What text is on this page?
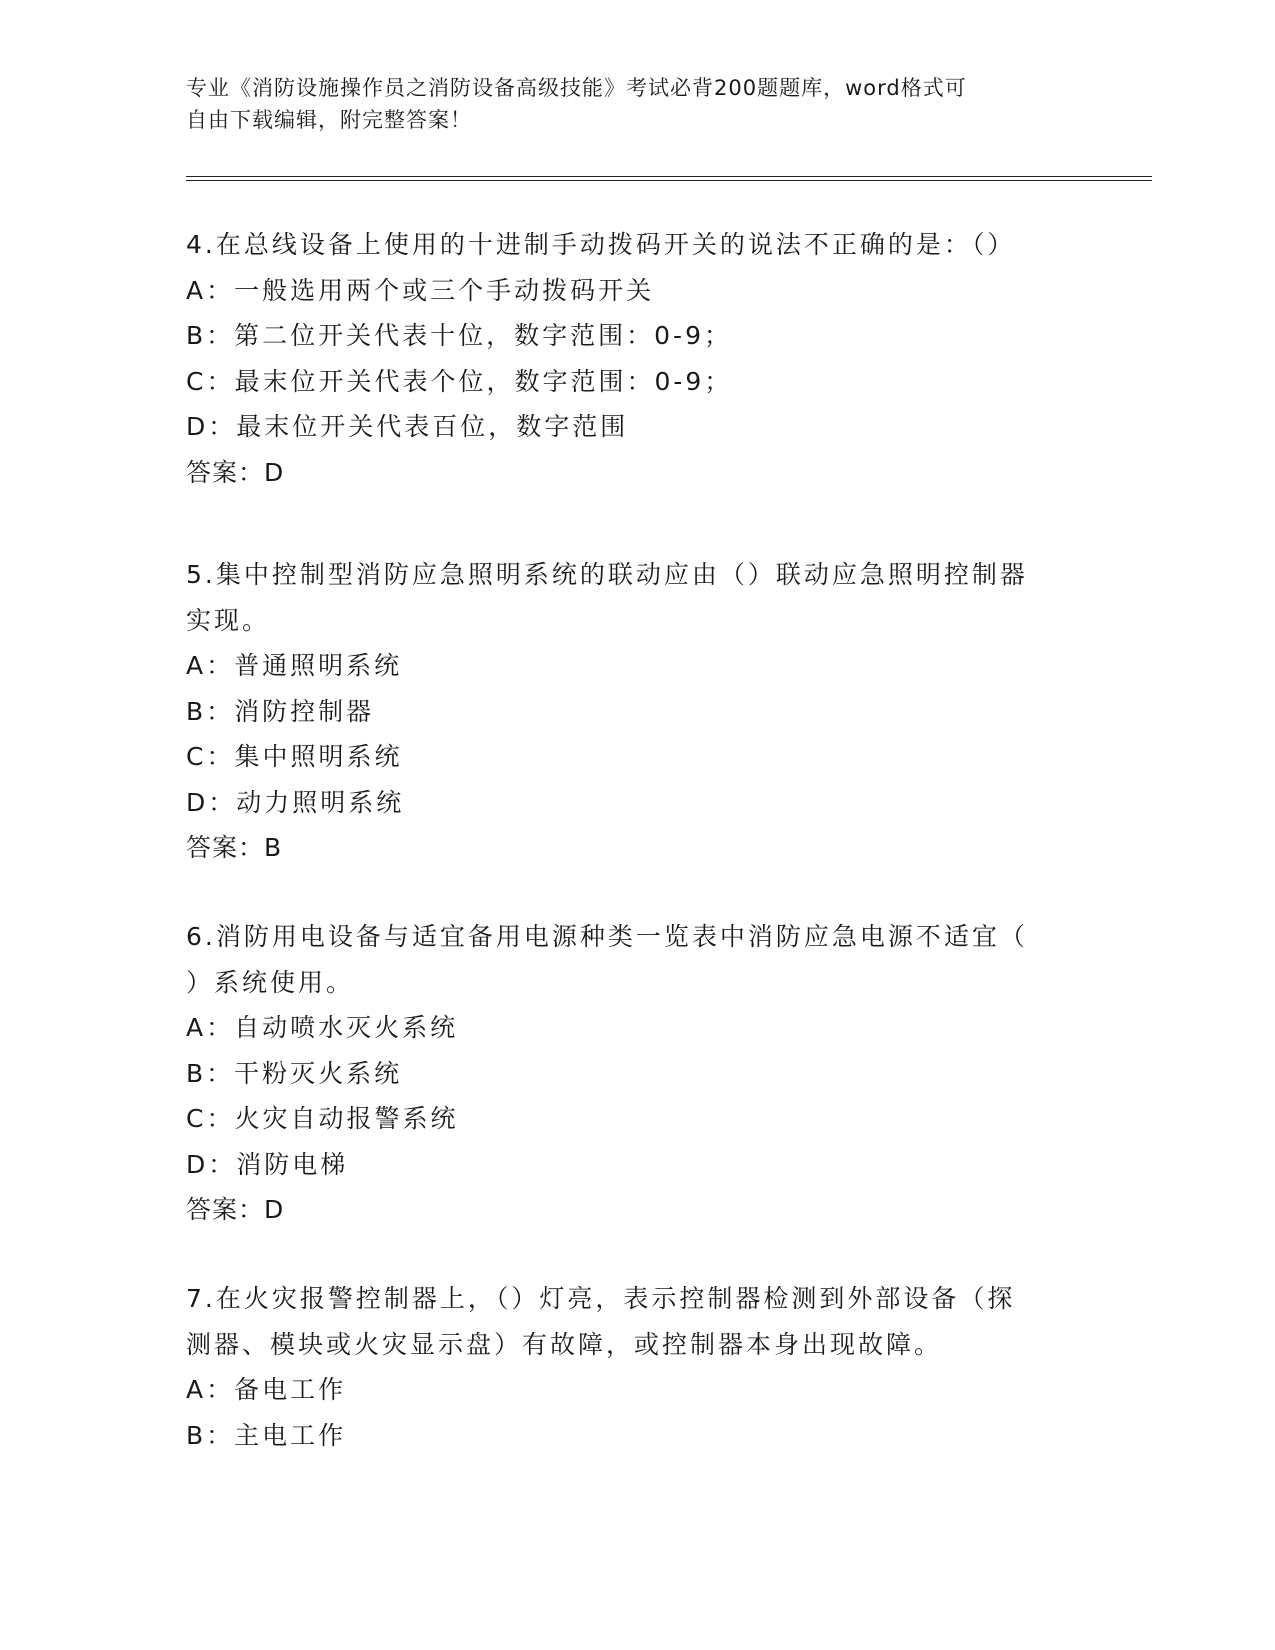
专业《消防设施操作员之消防设备高级技能》考试必背200题题库，word格式可
自由下载编辑，附完整答案！

4.在总线设备上使用的十进制手动拨码开关的说法不正确的是：（）
A：一般选用两个或三个手动拨码开关
B：第二位开关代表十位，数字范围：0-9；
C：最末位开关代表个位，数字范围：0-9；
D：最末位开关代表百位，数字范围
答案：D
5.集中控制型消防应急照明系统的联动应由（）联动应急照明控制器
实现。
A：普通照明系统
B：消防控制器
C：集中照明系统
D：动力照明系统
答案：B
6.消防用电设备与适宜备用电源种类一览表中消防应急电源不适宜（
）系统使用。
A：自动喷水灭火系统
B：干粉灭火系统
C：火灾自动报警系统
D：消防电梯
答案：D
7.在火灾报警控制器上，（）灯亮，表示控制器检测到外部设备（探
测器、模块或火灾显示盘）有故障，或控制器本身出现故障。
A：备电工作
B：主电工作
